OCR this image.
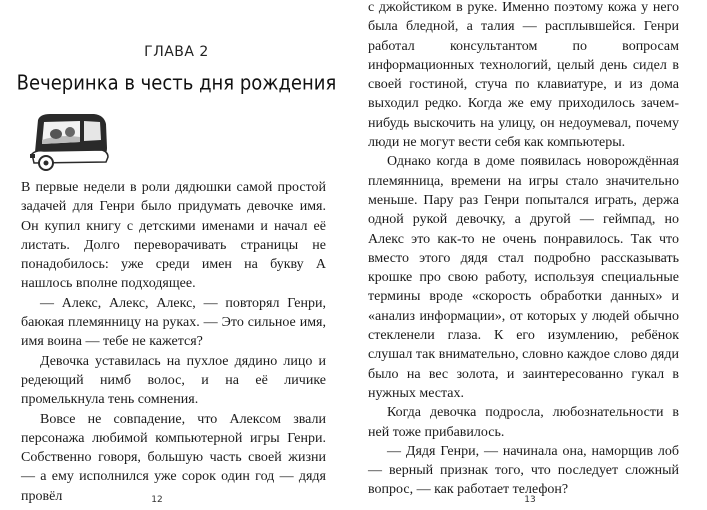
ГЛАВА 2
Вечеринка в честь дня рождения

В первые недели в роли дядюшки самой простой задачей для Генри было придумать девочке имя. Он купил книгу с детскими именами и начал её листать. Долго переворачивать страницы не понадобилось: уже среди имен на букву А нашлось вполне подходящее.

— Алекс, Алекс, Алекс, — повторял Генри, баюкая племянницу на руках. — Это сильное имя, имя воина — тебе не кажется?

Девочка уставилась на пухлое дядино лицо и редеющий нимб волос, и на её личике промелькнула тень сомнения.

Вовсе не совпадение, что Алексом звали персонажа любимой компьютерной игры Генри. Собственно говоря, большую часть своей жизни — а ему исполнился уже сорок один год — дядя провёл	12

с джойстиком в руке. Именно поэтому кожа у него была бледной, а талия — расплывшейся. Генри работал консультантом по вопросам информационных технологий, целый день сидел в своей гостиной, стуча по клавиатуре, и из дома выходил редко. Когда же ему приходилось зачем-нибудь выскочить на улицу, он недоумевал, почему люди не могут вести себя как компьютеры.

Однако когда в доме появилась новорождённая племянница, времени на игры стало значительно меньше. Пару раз Генри попытался играть, держа одной рукой девочку, а другой — геймпад, но Алекс это как-то не очень понравилось. Так что вместо этого дядя стал подробно рассказывать крошке про свою работу, используя специальные термины вроде «скорость обработки данных» и «анализ информации», от которых у людей обычно стекленели глаза. К его изумлению, ребёнок слушал так внимательно, словно каждое слово дяди было на вес золота, и заинтересованно гукал в нужных местах.

Когда девочка подросла, любознательности в ней тоже прибавилось.

— Дядя Генри, — начинала она, наморщив лоб — верный признак того, что последует сложный вопрос, — как работает телефон?

13
